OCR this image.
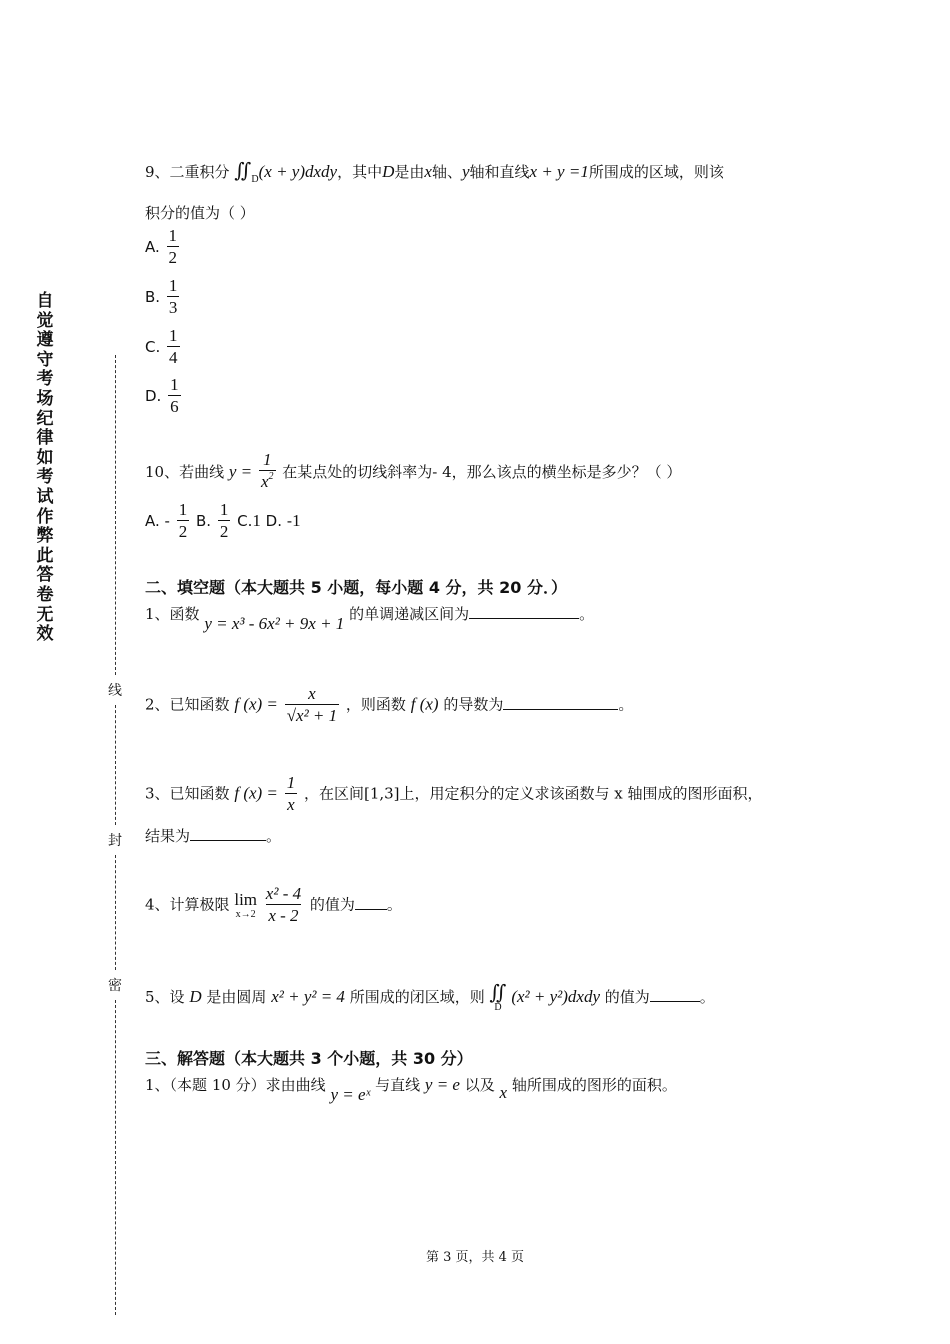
自觉遵守考场纪律如考试作弊此答卷无效
线
封
密
9、二重积分 $∬_D(x$ + y)dxdy，其中D是由x轴、y轴和直线x + y =1所围成的区域，则该
积分的值为（ ）
A. $\frac{1}{2}$
B. $\frac{1}{3}$
C. $\frac{1}{4}$
D. $\frac{1}{6}$
10、若曲线 $y = \frac{1}{x^2}$ 在某点处的切线斜率为- 4，那么该点的横坐标是多少？（ ）
A. - $\frac{1}{2} B$. $\frac{1}{2} C.1$ D. -1
二、填空题（本大题共 5 小题，每小题 4 分，共 20 分．）
1、函数 y = x³ - 6x² + 9x + 1 的单调递减区间为	。
2、已知函数 f $(x) = \frac{x}{\text{√x² + 1}}$ ，则函数 f (x) 的导数为	。
3、已知函数 f $(x) = \frac{1}{x}$ ，在区间[1,3]上，用定积分的定义求该函数与 x 轴围成的图形面积，
结果为	。
4、计算极限 lim
x→2
$\frac{\text{x² - 4}}{x - 2}$ 的值为 。
5、设 D 是由圆周 x² + y² = 4 所围成的闭区域，则 ∬
D
(x² + y²)dxdy 的值为	。
三、解答题（本大题共 3 个小题，共 30 分）
1、（本题 10 分）求由曲线 y = eˣ 与直线 y = e 以及 x 轴所围成的图形的面积。
第 3 页，共 4 页
